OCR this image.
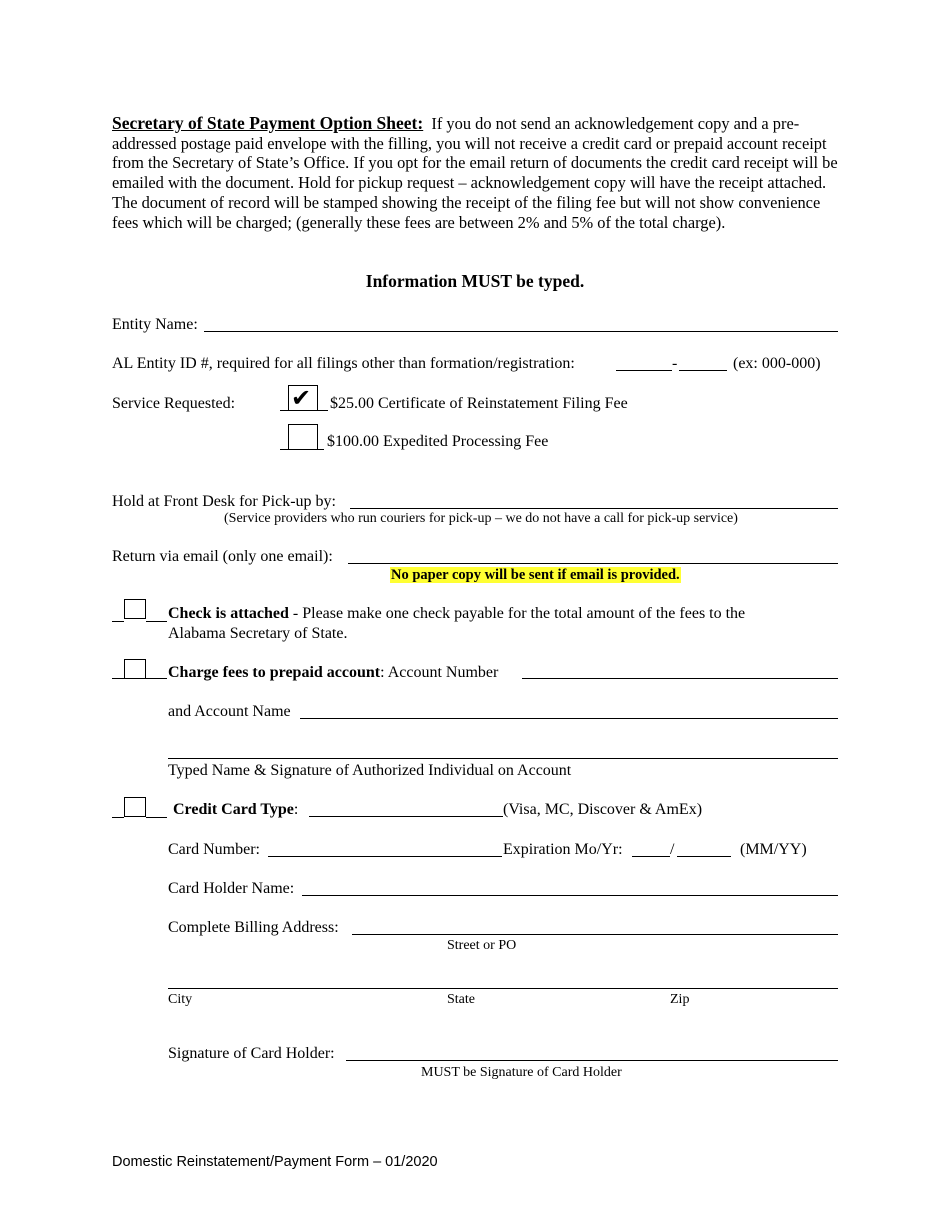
Secretary of State Payment Option Sheet: If you do not send an acknowledgement copy and a pre-addressed postage paid envelope with the filling, you will not receive a credit card or prepaid account receipt from the Secretary of State’s Office. If you opt for the email return of documents the credit card receipt will be emailed with the document. Hold for pickup request – acknowledgement copy will have the receipt attached. The document of record will be stamped showing the receipt of the filing fee but will not show convenience fees which will be charged; (generally these fees are between 2% and 5% of the total charge).
Information MUST be typed.
Entity Name:
AL Entity ID #, required for all filings other than formation/registration:	-	(ex: 000-000)
Service Requested: ✔ $25.00 Certificate of Reinstatement Filing Fee
$100.00 Expedited Processing Fee
Hold at Front Desk for Pick-up by:
(Service providers who run couriers for pick-up – we do not have a call for pick-up service)
Return via email (only one email):
No paper copy will be sent if email is provided.
Check is attached - Please make one check payable for the total amount of the fees to the
Alabama Secretary of State.
Charge fees to prepaid account: Account Number
and Account Name
Typed Name & Signature of Authorized Individual on Account
Credit Card Type:	(Visa, MC, Discover & AmEx)
Card Number:	Expiration Mo/Yr:	/	(MM/YY)
Card Holder Name:
Complete Billing Address:
Street or PO
City	State	Zip
Signature of Card Holder:
MUST be Signature of Card Holder
Domestic Reinstatement/Payment Form – 01/2020
